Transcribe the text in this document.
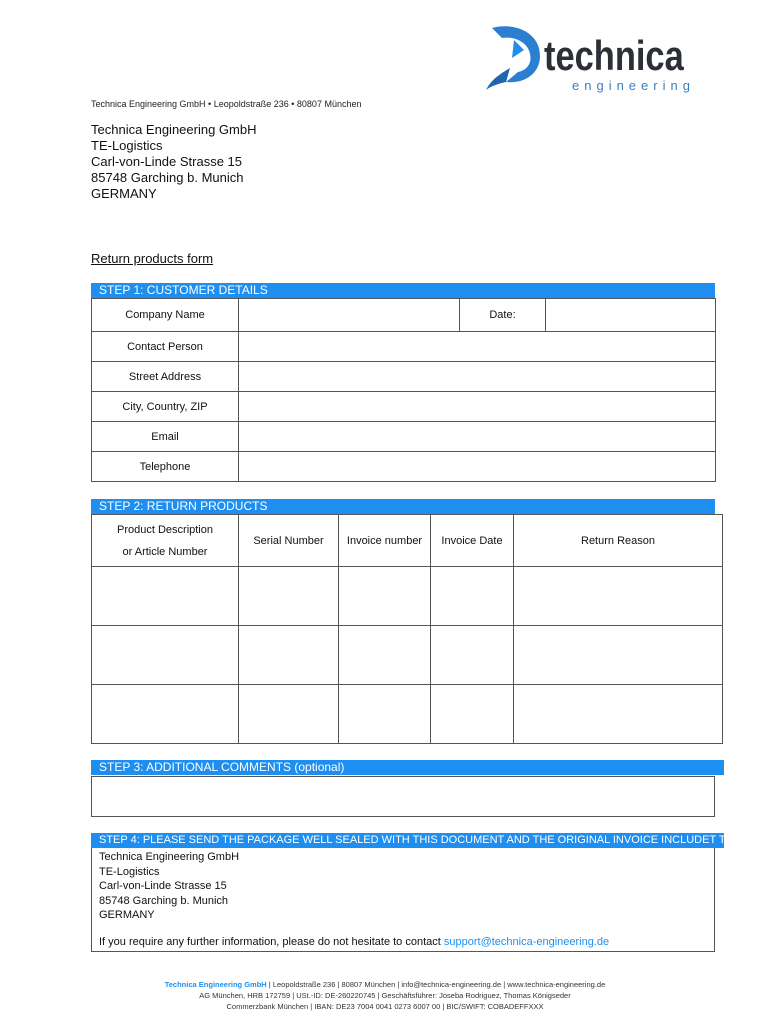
technica
engineering
Technica Engineering GmbH • Leopoldstraße 236 • 80807 München
Technica Engineering GmbH
TE-Logistics
Carl-von-Linde Strasse 15
85748 Garching b. Munich
GERMANY
Return products form
STEP 1: CUSTOMER DETAILS
Company Name		Date:	
Contact Person			
Street Address			
City, Country, ZIP			
Email			
Telephone			
STEP 2: RETURN PRODUCTS
Product Description
or Article Number	Serial Number	Invoice number	Invoice Date	Return Reason

STEP 3: ADDITIONAL COMMENTS (optional)
STEP 4: PLEASE SEND THE PACKAGE WELL SEALED WITH THIS DOCUMENT AND THE ORIGINAL INVOICE INCLUDET TO:
Technica Engineering GmbH
TE-Logistics
Carl-von-Linde Strasse 15
85748 Garching b. Munich
GERMANY
If you require any further information, please do not hesitate to contact support@technica-engineering.de
Technica Engineering GmbH | Leopoldstraße 236 | 80807 München | info@technica-engineering.de | www.technica-engineering.de
AG München, HRB 172759 | USt.-ID: DE-260220745 | Geschäftsführer: Joseba Rodriguez, Thomas Königseder
Commerzbank München | IBAN: DE23 7004 0041 0273 6007 00 | BIC/SWIFT: COBADEFFXXX
